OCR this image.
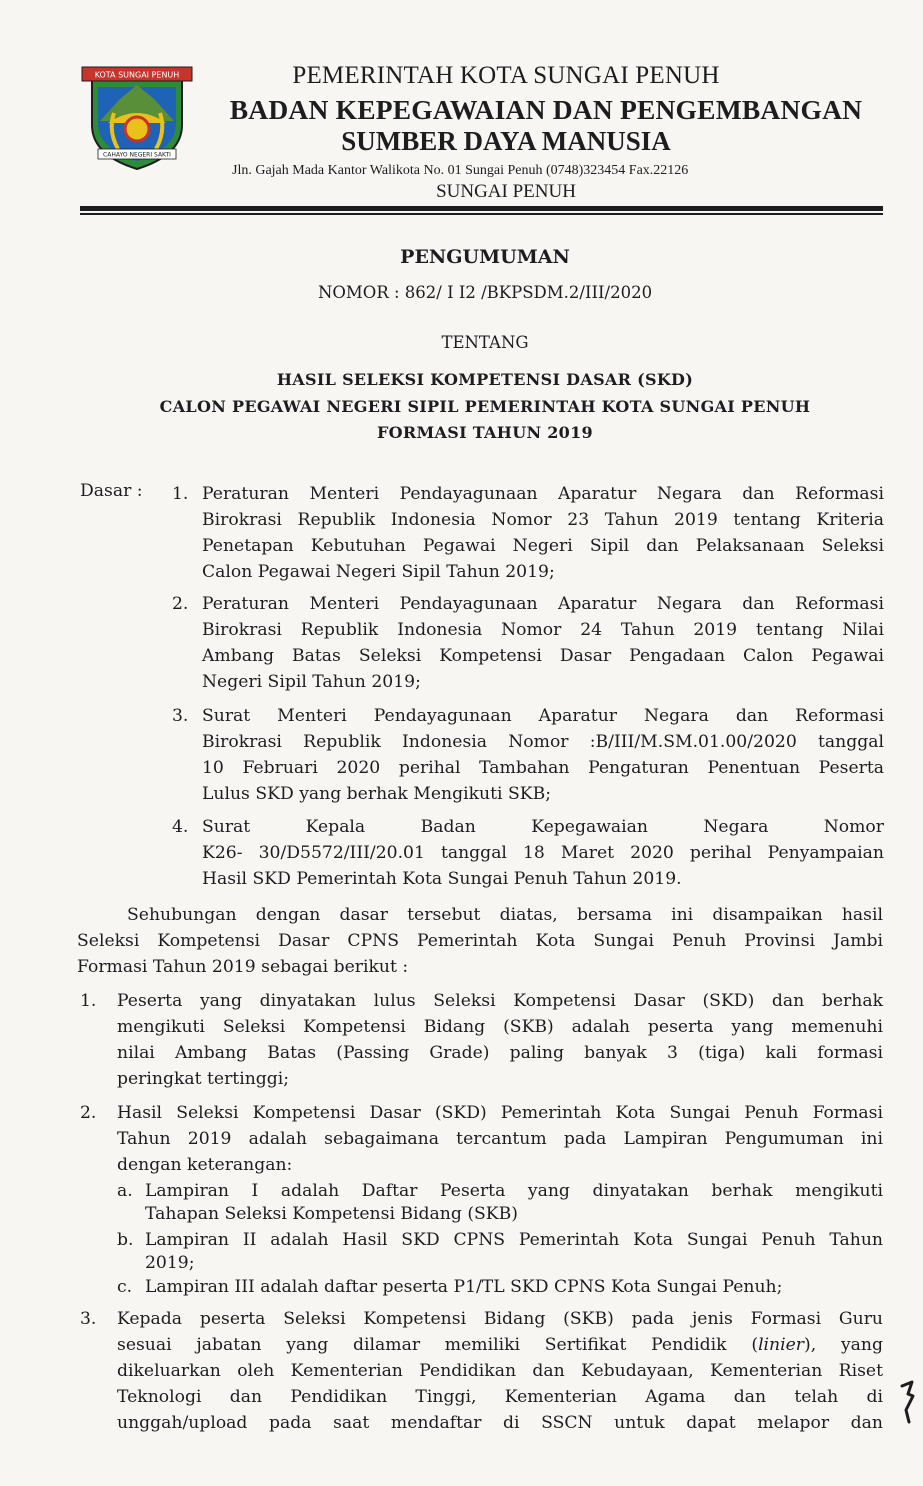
KOTA SUNGAI PENUH
CAHAYO NEGERI SAKTI
PEMERINTAH KOTA SUNGAI PENUH
BADAN KEPEGAWAIAN DAN PENGEMBANGAN
SUMBER DAYA MANUSIA
Jln. Gajah Mada Kantor Walikota No. 01 Sungai Penuh (0748)323454 Fax.22126
SUNGAI PENUH
PENGUMUMAN
NOMOR : 862/ I I2 /BKPSDM.2/III/2020
TENTANG
HASIL SELEKSI KOMPETENSI DASAR (SKD)
CALON PEGAWAI NEGERI SIPIL PEMERINTAH KOTA SUNGAI PENUH
FORMASI TAHUN 2019
Dasar : 1. Peraturan Menteri Pendayagunaan Aparatur Negara dan Reformasi
Birokrasi Republik Indonesia Nomor 23 Tahun 2019 tentang Kriteria
Penetapan Kebutuhan Pegawai Negeri Sipil dan Pelaksanaan Seleksi
Calon Pegawai Negeri Sipil Tahun 2019;
2. Peraturan Menteri Pendayagunaan Aparatur Negara dan Reformasi
Birokrasi Republik Indonesia Nomor 24 Tahun 2019 tentang Nilai
Ambang Batas Seleksi Kompetensi Dasar Pengadaan Calon Pegawai
Negeri Sipil Tahun 2019;
3. Surat Menteri Pendayagunaan Aparatur Negara dan Reformasi
Birokrasi Republik Indonesia Nomor :B/III/M.SM.01.00/2020 tanggal
10 Februari 2020 perihal Tambahan Pengaturan Penentuan Peserta
Lulus SKD yang berhak Mengikuti SKB;
4. Surat Kepala Badan Kepegawaian Negara Nomor
K26- 30/D5572/III/20.01 tanggal 18 Maret 2020 perihal Penyampaian
Hasil SKD Pemerintah Kota Sungai Penuh Tahun 2019.
Sehubungan dengan dasar tersebut diatas, bersama ini disampaikan hasil
Seleksi Kompetensi Dasar CPNS Pemerintah Kota Sungai Penuh Provinsi Jambi
Formasi Tahun 2019 sebagai berikut :
1. Peserta yang dinyatakan lulus Seleksi Kompetensi Dasar (SKD) dan berhak
mengikuti Seleksi Kompetensi Bidang (SKB) adalah peserta yang memenuhi
nilai Ambang Batas (Passing Grade) paling banyak 3 (tiga) kali formasi
peringkat tertinggi;
2. Hasil Seleksi Kompetensi Dasar (SKD) Pemerintah Kota Sungai Penuh Formasi
Tahun 2019 adalah sebagaimana tercantum pada Lampiran Pengumuman ini
dengan keterangan:
a. Lampiran I adalah Daftar Peserta yang dinyatakan berhak mengikuti
Tahapan Seleksi Kompetensi Bidang (SKB)
b. Lampiran II adalah Hasil SKD CPNS Pemerintah Kota Sungai Penuh Tahun
2019;
c. Lampiran III adalah daftar peserta P1/TL SKD CPNS Kota Sungai Penuh;
3. Kepada peserta Seleksi Kompetensi Bidang (SKB) pada jenis Formasi Guru
sesuai jabatan yang dilamar memiliki Sertifikat Pendidik (linier), yang
dikeluarkan oleh Kementerian Pendidikan dan Kebudayaan, Kementerian Riset
Teknologi dan Pendidikan Tinggi, Kementerian Agama dan telah di
unggah/upload pada saat mendaftar di SSCN untuk dapat melapor dan
